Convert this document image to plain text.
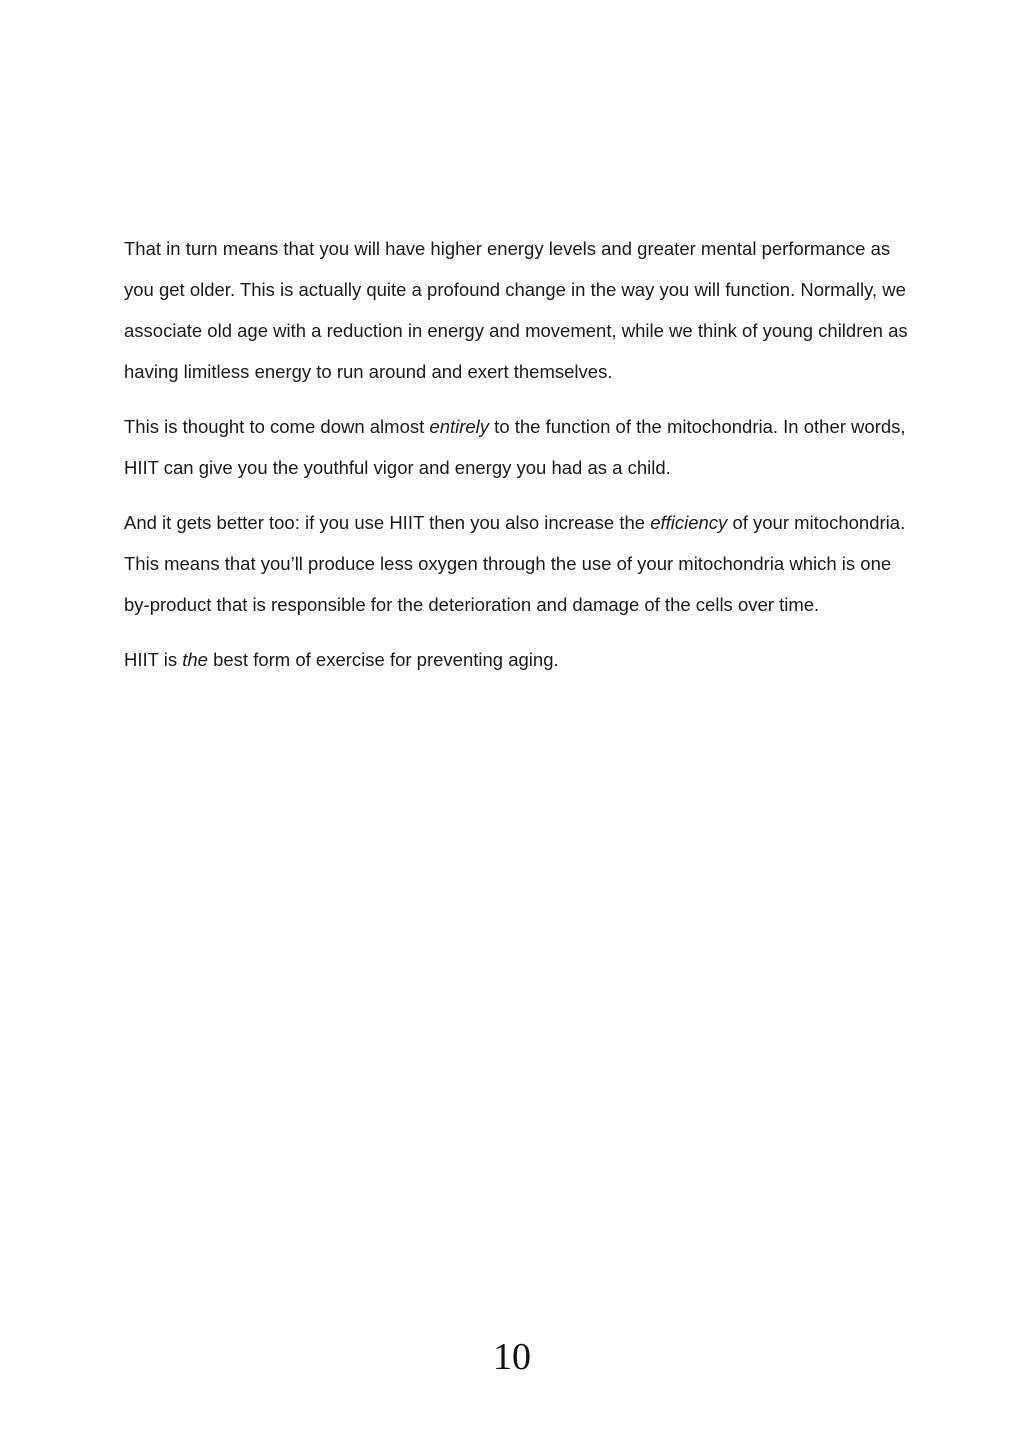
That in turn means that you will have higher energy levels and greater mental performance as you get older. This is actually quite a profound change in the way you will function. Normally, we associate old age with a reduction in energy and movement, while we think of young children as having limitless energy to run around and exert themselves.

This is thought to come down almost entirely to the function of the mitochondria. In other words, HIIT can give you the youthful vigor and energy you had as a child.

And it gets better too: if you use HIIT then you also increase the efficiency of your mitochondria. This means that you’ll produce less oxygen through the use of your mitochondria which is one by-product that is responsible for the deterioration and damage of the cells over time.

HIIT is the best form of exercise for preventing aging.

10
